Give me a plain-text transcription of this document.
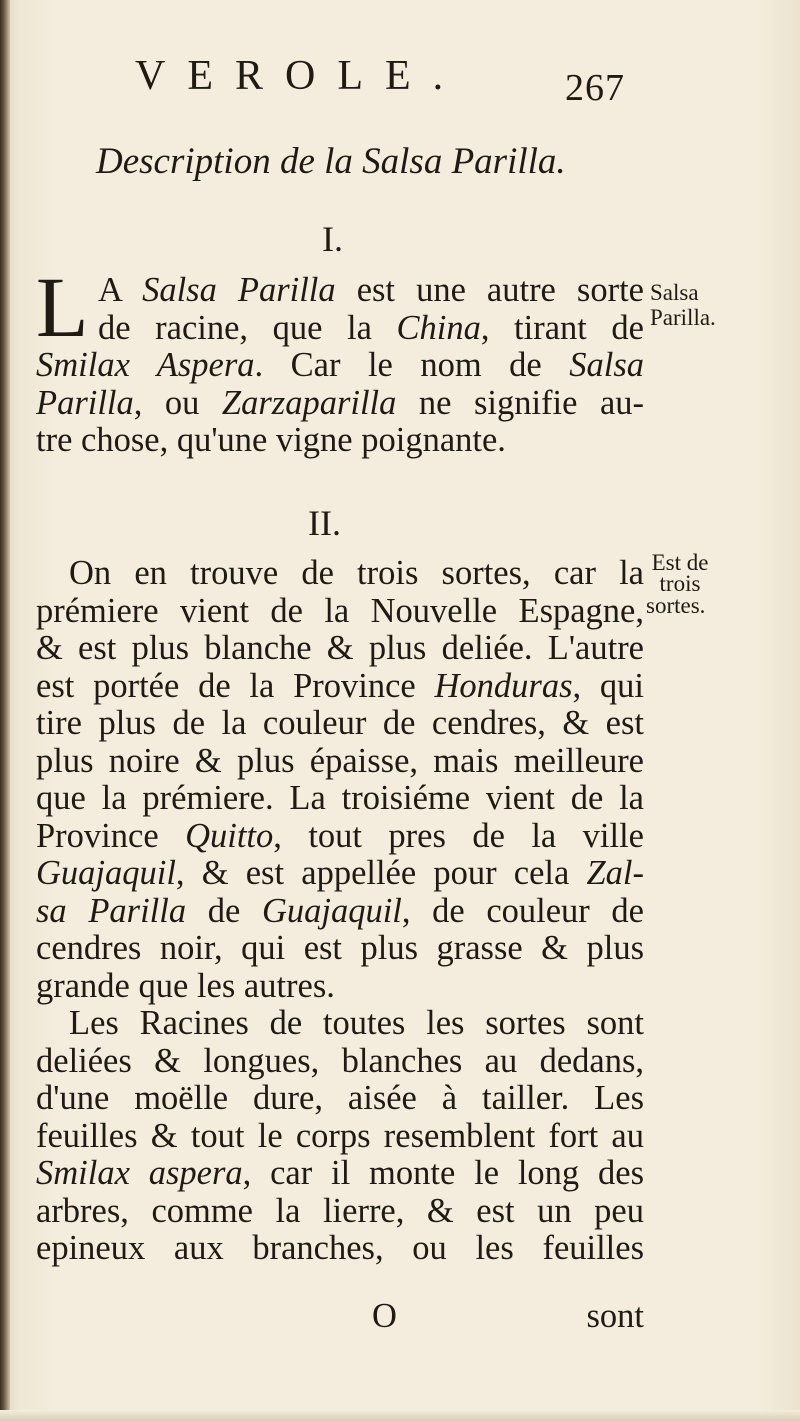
VEROLE.	267
Description de la Salsa Parilla.
I.
L A Salsa Parilla est une autre sorte
de racine, que la China, tirant de
Smilax Aspera. Car le nom de Salsa
Parilla, ou Zarzaparilla ne signifie au-
tre chose, qu'une vigne poignante.
Salsa
Parilla.
II.
On en trouve de trois sortes, car la
prémiere vient de la Nouvelle Espagne,
& est plus blanche & plus deliée. L'autre
est portée de la Province Honduras, qui
tire plus de la couleur de cendres, & est
plus noire & plus épaisse, mais meilleure
que la prémiere. La troisiéme vient de la
Province Quitto, tout pres de la ville
Guajaquil, & est appellée pour cela Zal-
sa Parilla de Guajaquil, de couleur de
cendres noir, qui est plus grasse & plus
grande que les autres.
Les Racines de toutes les sortes sont
deliées & longues, blanches au dedans,
d'une moëlle dure, aisée à tailler. Les
feuilles & tout le corps resemblent fort au
Smilax aspera, car il monte le long des
arbres, comme la lierre, & est un peu
epineux aux branches, ou les feuilles
Est de
trois
sortes.
O	sont
